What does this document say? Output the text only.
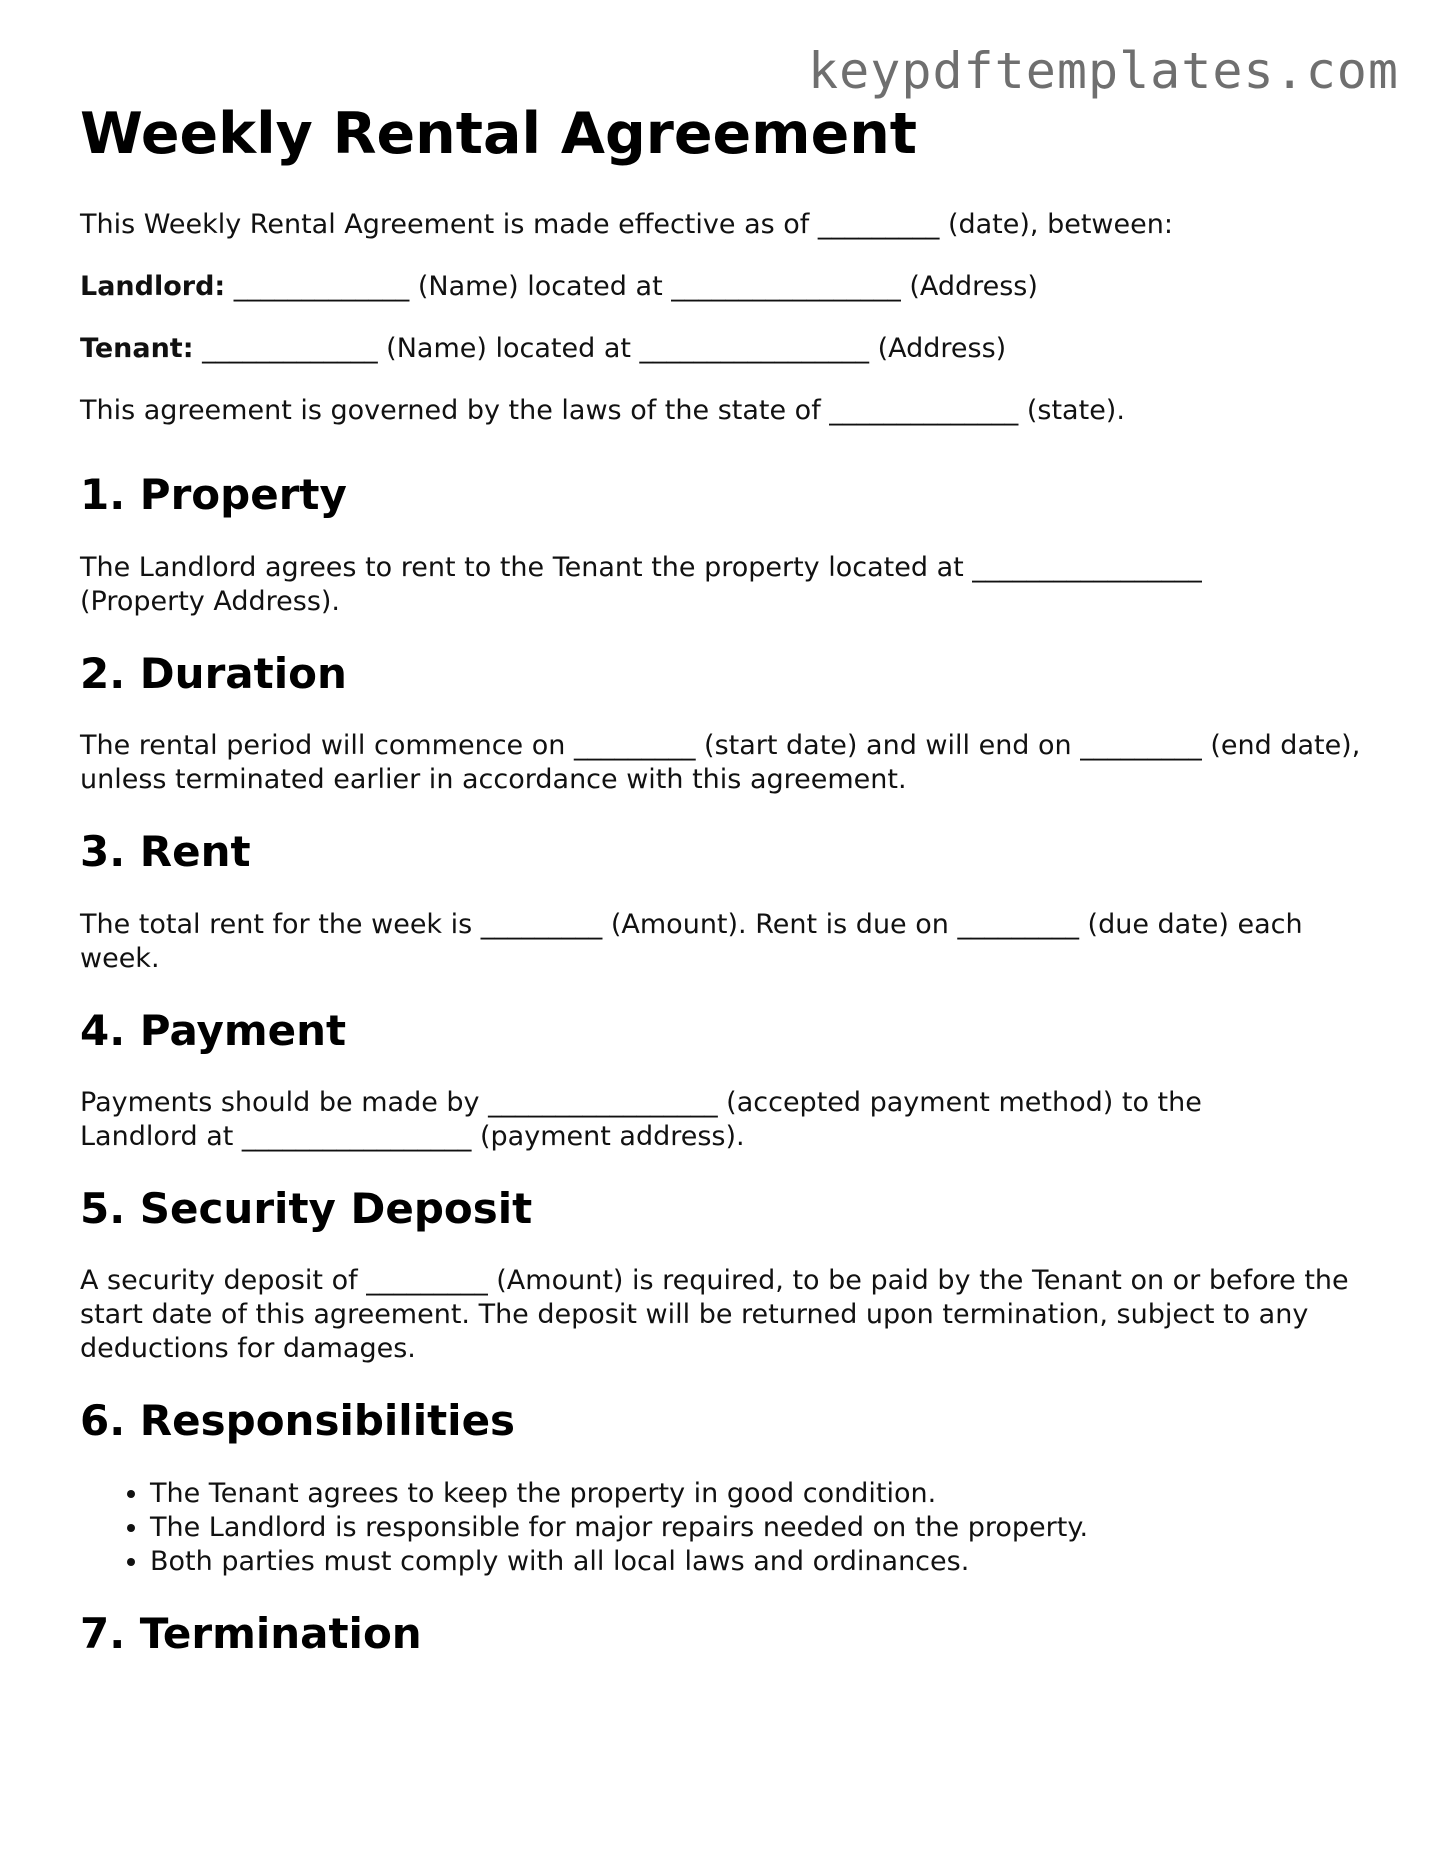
keypdftemplates.com
Weekly Rental Agreement

This Weekly Rental Agreement is made effective as of _________ (date), between:

Landlord: _____________ (Name) located at _________________ (Address)

Tenant: _____________ (Name) located at _________________ (Address)

This agreement is governed by the laws of the state of ______________ (state).

1. Property

The Landlord agrees to rent to the Tenant the property located at _________________ (Property Address).

2. Duration

The rental period will commence on _________ (start date) and will end on _________ (end date), unless terminated earlier in accordance with this agreement.

3. Rent

The total rent for the week is _________ (Amount). Rent is due on _________ (due date) each week.

4. Payment

Payments should be made by _________________ (accepted payment method) to the Landlord at _________________ (payment address).

5. Security Deposit

A security deposit of _________ (Amount) is required, to be paid by the Tenant on or before the start date of this agreement. The deposit will be returned upon termination, subject to any deductions for damages.

6. Responsibilities
• The Tenant agrees to keep the property in good condition.
• The Landlord is responsible for major repairs needed on the property.
• Both parties must comply with all local laws and ordinances.
7. Termination
